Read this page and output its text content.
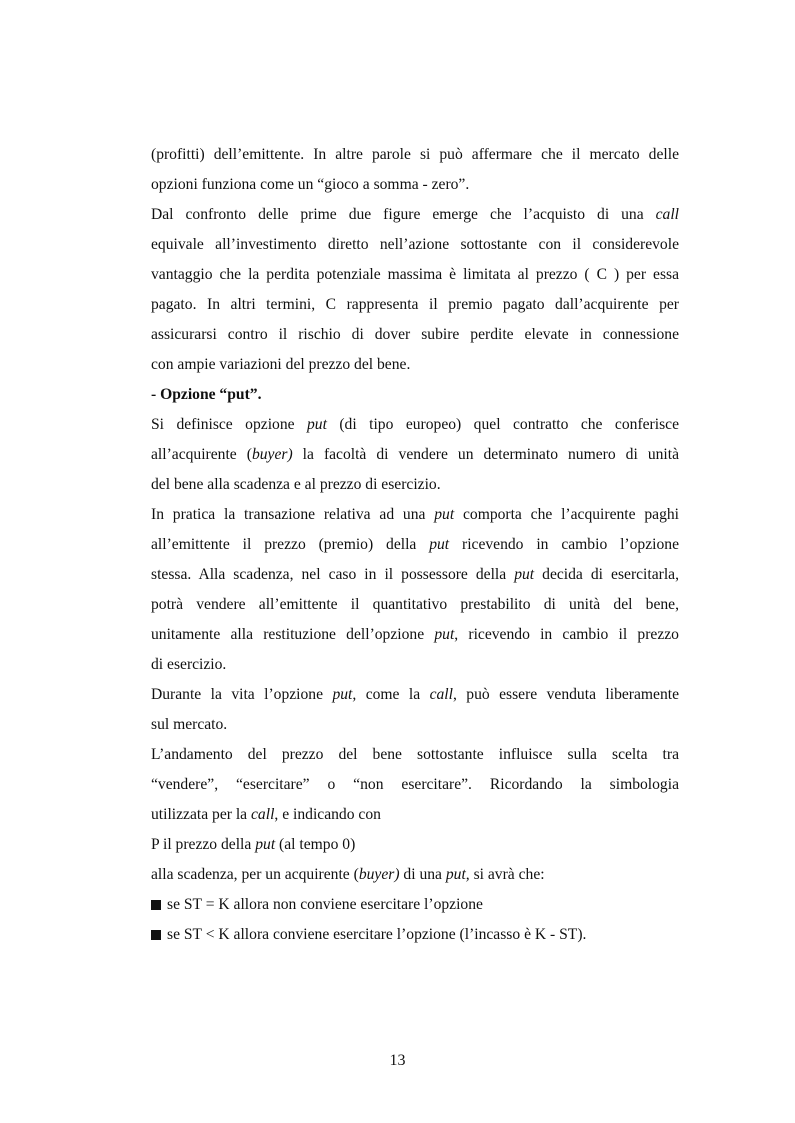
(profitti) dell’emittente. In altre parole si può affermare che il mercato delle
opzioni funziona come un “gioco a somma - zero”.
Dal confronto delle prime due figure emerge che l’acquisto di una call
equivale all’investimento diretto nell’azione sottostante con il considerevole
vantaggio che la perdita potenziale massima è limitata al prezzo ( C ) per essa
pagato. In altri termini, C rappresenta il premio pagato dall’acquirente per
assicurarsi contro il rischio di dover subire perdite elevate in connessione
con ampie variazioni del prezzo del bene.
- Opzione “put”.
Si definisce opzione put (di tipo europeo) quel contratto che conferisce
all’acquirente (buyer) la facoltà di vendere un determinato numero di unità
del bene alla scadenza e al prezzo di esercizio.
In pratica la transazione relativa ad una put comporta che l’acquirente paghi
all’emittente il prezzo (premio) della put ricevendo in cambio l’opzione
stessa. Alla scadenza, nel caso in il possessore della put decida di esercitarla,
potrà vendere all’emittente il quantitativo prestabilito di unità del bene,
unitamente alla restituzione dell’opzione put, ricevendo in cambio il prezzo
di esercizio.
Durante la vita l’opzione put, come la call, può essere venduta liberamente
sul mercato.
L’andamento del prezzo del bene sottostante influisce sulla scelta tra
“vendere”, “esercitare” o “non esercitare”. Ricordando la simbologia
utilizzata per la call, e indicando con
P il prezzo della put (al tempo 0)
alla scadenza, per un acquirente (buyer) di una put, si avrà che:
se ST = K allora non conviene esercitare l’opzione
se ST < K allora conviene esercitare l’opzione (l’incasso è K - ST).
13
